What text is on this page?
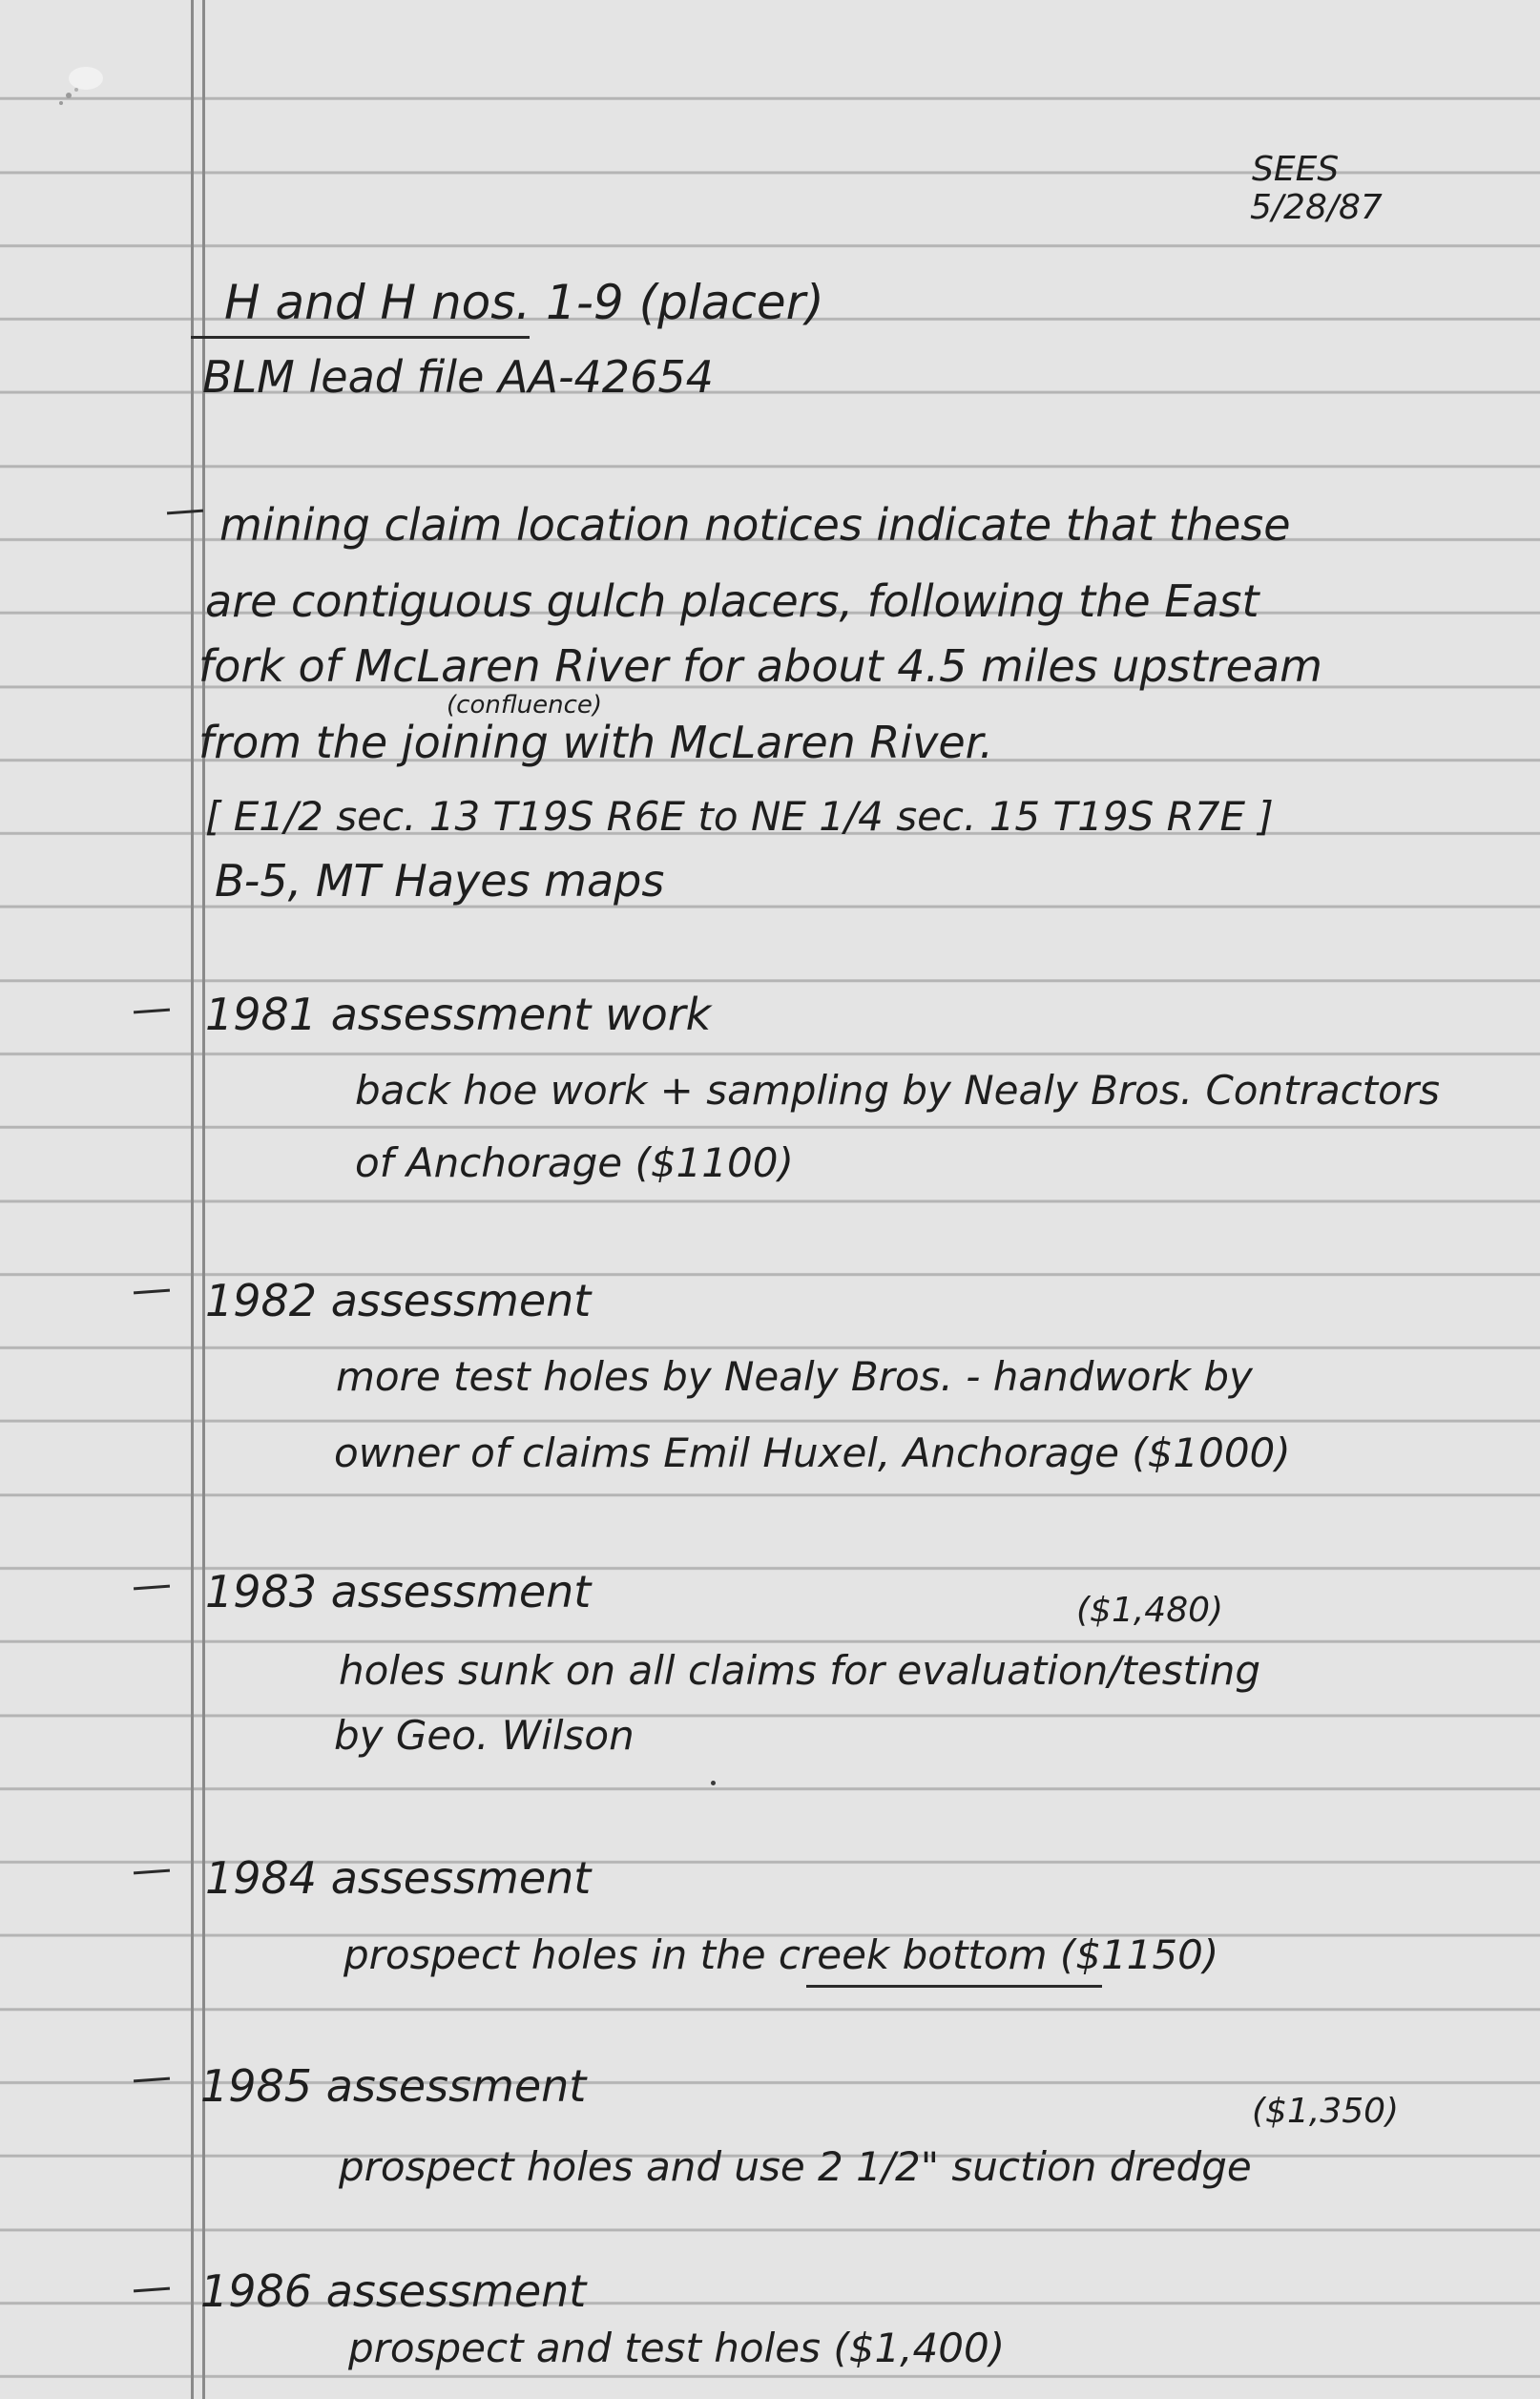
SEES
5/28/87
H and H nos. 1-9 (placer)
BLM lead file AA-42654
mining claim location notices indicate that these
are contiguous gulch placers, following the East
fork of McLaren River for about 4.5 miles upstream
(confluence)
from the joining with McLaren River.
[ E1/2 sec. 13 T19S R6E to NE 1/4 sec. 15 T19S R7E ]
B-5, MT Hayes maps
1981 assessment work
back hoe work + sampling by Nealy Bros. Contractors
of Anchorage ($1100)
1982 assessment
more test holes by Nealy Bros. - handwork by
owner of claims Emil Huxel, Anchorage ($1000)
1983 assessment	($1,480)
holes sunk on all claims for evaluation/testing
by Geo. Wilson
1984 assessment
prospect holes in the creek bottom ($1150)
1985 assessment	($1,350)
prospect holes and use 2 1/2" suction dredge
1986 assessment
prospect and test holes ($1,400)
